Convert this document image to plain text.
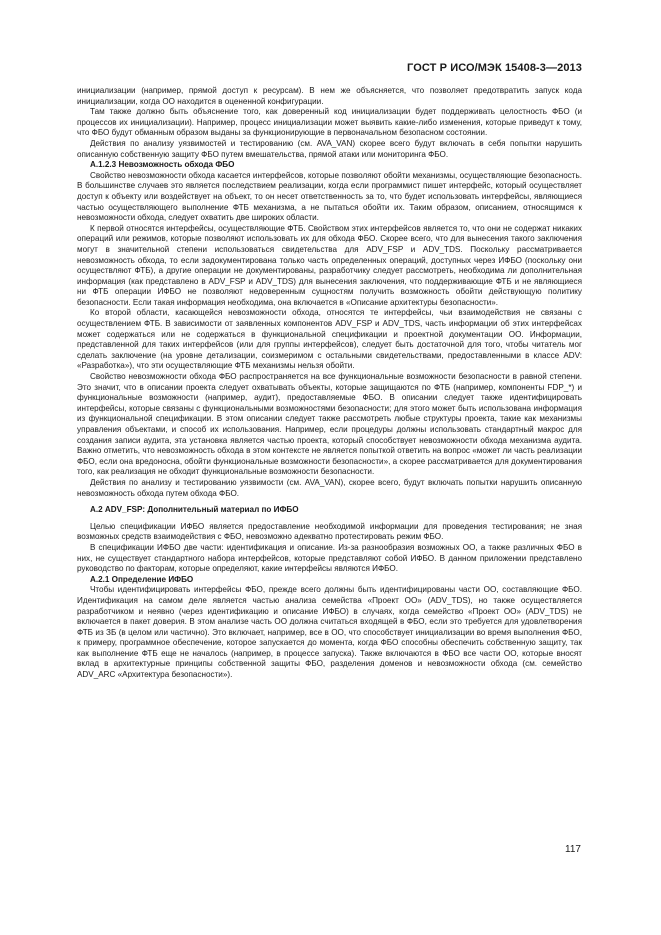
ГОСТ Р ИСО/МЭК 15408-3—2013

инициализации (например, прямой доступ к ресурсам). В нем же объясняется, что позволяет предотвратить запуск кода инициализации, когда ОО находится в оцененной конфигурации.

Там также должно быть объяснение того, как доверенный код инициализации будет поддерживать целостность ФБО (и процессов их инициализации). Например, процесс инициализации может выявить какие-либо изменения, которые приведут к тому, что ФБО будут обманным образом выданы за функционирующие в первоначальном безопасном состоянии.

Действия по анализу уязвимостей и тестированию (см. AVA_VAN) скорее всего будут включать в себя попытки нарушить описанную собственную защиту ФБО путем вмешательства, прямой атаки или мониторинга ФБО.

А.1.2.3 Невозможность обхода ФБО

Свойство невозможности обхода касается интерфейсов, которые позволяют обойти механизмы, осуществляющие безопасность. В большинстве случаев это является последствием реализации, когда если программист пишет интерфейс, который осуществляет доступ к объекту или воздействует на объект, то он несет ответственность за то, что будет использовать интерфейсы, являющиеся частью осуществляющего выполнение ФТБ механизма, а не пытаться обойти их. Таким образом, описанием, относящимся к невозможности обхода, следует охватить две широких области.

К первой относятся интерфейсы, осуществляющие ФТБ. Свойством этих интерфейсов является то, что они не содержат никаких операций или режимов, которые позволяют использовать их для обхода ФБО. Скорее всего, что для вынесения такого заключения могут в значительной степени использоваться свидетельства для ADV_FSP и ADV_TDS. Поскольку рассматривается невозможность обхода, то если задокументирована только часть определенных операций, доступных через ИФБО (поскольку они осуществляют ФТБ), а другие операции не документированы, разработчику следует рассмотреть, необходима ли дополнительная информация (как представлено в ADV_FSP и ADV_TDS) для вынесения заключения, что поддерживающие ФТБ и не являющиеся ни ФТБ операции ИФБО не позволяют недоверенным сущностям получить возможность обойти действующую политику безопасности. Если такая информация необходима, она включается в «Описание архитектуры безопасности».

Ко второй области, касающейся невозможности обхода, относятся те интерфейсы, чьи взаимодействия не связаны с осуществлением ФТБ. В зависимости от заявленных компонентов ADV_FSP и ADV_TDS, часть информации об этих интерфейсах может содержаться или не содержаться в функциональной спецификации и проектной документации ОО. Информации, представленной для таких интерфейсов (или для группы интерфейсов), следует быть достаточной для того, чтобы читатель мог сделать заключение (на уровне детализации, соизмеримом с остальными свидетельствами, предоставленными в классе ADV: «Разработка»), что эти осуществляющие ФТБ механизмы нельзя обойти.

Свойство невозможности обхода ФБО распространяется на все функциональные возможности безопасности в равной степени. Это значит, что в описании проекта следует охватывать объекты, которые защищаются по ФТБ (например, компоненты FDP_*) и функциональные возможности (например, аудит), предоставляемые ФБО. В описании следует также идентифицировать интерфейсы, которые связаны с функциональными возможностями безопасности; для этого может быть использована информация из функциональной спецификации. В этом описании следует также рассмотреть любые структуры проекта, такие как механизмы управления объектами, и способ их использования. Например, если процедуры должны использовать стандартный макрос для создания записи аудита, эта установка является частью проекта, который способствует невозможности обхода механизма аудита. Важно отметить, что невозможность обхода в этом контексте не является попыткой ответить на вопрос «может ли часть реализации ФБО, если она вредоносна, обойти функциональные возможности безопасности», а скорее рассматривается для документирования того, как реализация не обходит функциональные возможности безопасности.

Действия по анализу и тестированию уязвимости (см. AVA_VAN), скорее всего, будут включать попытки нарушить описанную невозможность обхода путем обхода ФБО.

А.2 ADV_FSP: Дополнительный материал по ИФБО

Целью спецификации ИФБО является предоставление необходимой информации для проведения тестирования; не зная возможных средств взаимодействия с ФБО, невозможно адекватно протестировать режим ФБО.

В спецификации ИФБО две части: идентификация и описание. Из-за разнообразия возможных ОО, а также различных ФБО в них, не существует стандартного набора интерфейсов, которые представляют собой ИФБО. В данном приложении представлено руководство по факторам, которые определяют, какие интерфейсы являются ИФБО.

А.2.1 Определение ИФБО

Чтобы идентифицировать интерфейсы ФБО, прежде всего должны быть идентифицированы части ОО, составляющие ФБО. Идентификация на самом деле является частью анализа семейства «Проект ОО» (ADV_TDS), но также осуществляется разработчиком и неявно (через идентификацию и описание ИФБО) в случаях, когда семейство «Проект ОО» (ADV_TDS) не включается в пакет доверия. В этом анализе часть ОО должна считаться входящей в ФБО, если это требуется для удовлетворения ФТБ из ЗБ (в целом или частично). Это включает, например, все в ОО, что способствует инициализации во время выполнения ФБО, к примеру, программное обеспечение, которое запускается до момента, когда ФБО способны обеспечить собственную защиту, так как выполнение ФТБ еще не началось (например, в процессе запуска). Также включаются в ФБО все части ОО, которые вносят вклад в архитектурные принципы собственной защиты ФБО, разделения доменов и невозможности обхода (см. семейство ADV_ARC «Архитектура безопасности»).

117
